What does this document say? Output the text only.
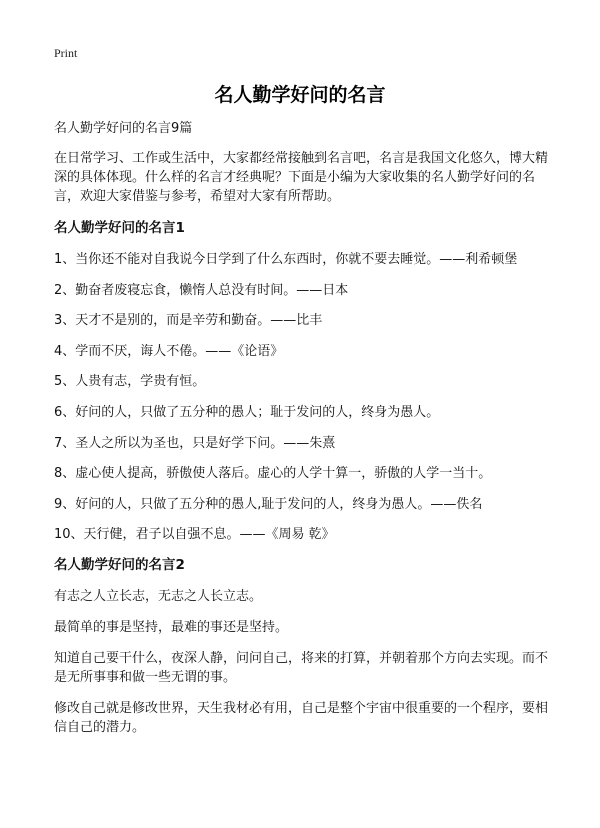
Print
名人勤学好问的名言

名人勤学好问的名言9篇

在日常学习、工作或生活中，大家都经常接触到名言吧，名言是我国文化悠久，博大精深的具体体现。什么样的名言才经典呢？下面是小编为大家收集的名人勤学好问的名言，欢迎大家借鉴与参考，希望对大家有所帮助。

名人勤学好问的名言1

1、当你还不能对自我说今日学到了什么东西时，你就不要去睡觉。——利希顿堡

2、勤奋者废寝忘食，懒惰人总没有时间。——日本

3、天才不是别的，而是辛劳和勤奋。——比丰

4、学而不厌，诲人不倦。——《论语》

5、人贵有志，学贵有恒。

6、好问的人，只做了五分种的愚人；耻于发问的人，终身为愚人。

7、圣人之所以为圣也，只是好学下问。——朱熹

8、虚心使人提高，骄傲使人落后。虚心的人学十算一，骄傲的人学一当十。

9、好问的人，只做了五分种的愚人,耻于发问的人，终身为愚人。——佚名

10、天行健，君子以自强不息。——《周易 乾》

名人勤学好问的名言2

有志之人立长志，无志之人长立志。

最简单的事是坚持，最难的事还是坚持。

知道自己要干什么，夜深人静，问问自己，将来的打算，并朝着那个方向去实现。而不是无所事事和做一些无谓的事。

修改自己就是修改世界，天生我材必有用，自己是整个宇宙中很重要的一个程序，要相信自己的潜力。
